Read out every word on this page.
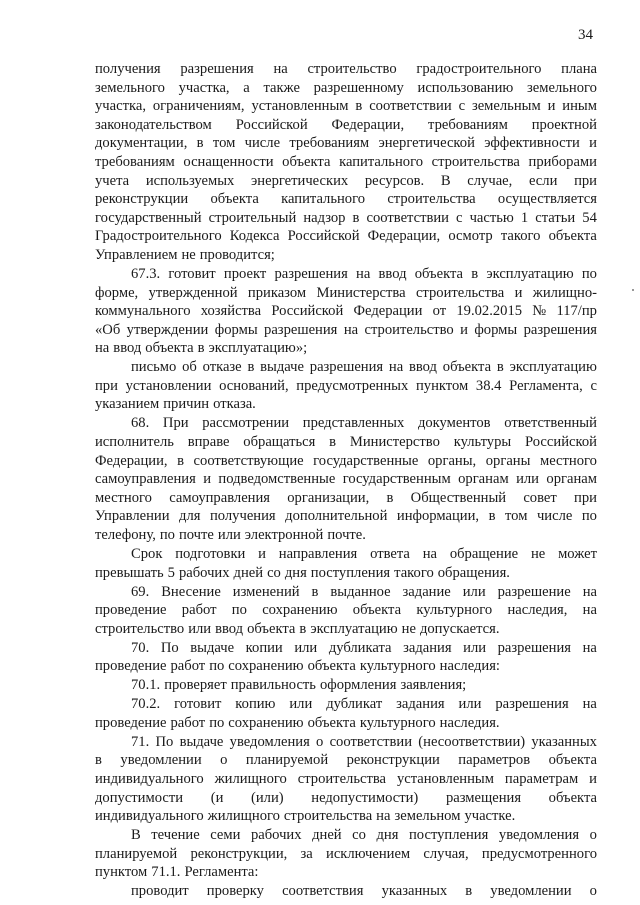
34
получения разрешения на строительство градостроительного плана
земельного участка, а также разрешенному использованию земельного
участка, ограничениям, установленным в соответствии с земельным и иным
законодательством Российской Федерации, требованиям проектной
документации, в том числе требованиям энергетической эффективности и
требованиям оснащенности объекта капитального строительства приборами
учета используемых энергетических ресурсов. В случае, если при
реконструкции объекта капитального строительства осуществляется
государственный строительный надзор в соответствии с частью 1 статьи 54
Градостроительного Кодекса Российской Федерации, осмотр такого объекта
Управлением не проводится;
67.3. готовит проект разрешения на ввод объекта в эксплуатацию по
форме, утвержденной приказом Министерства строительства и жилищно-
коммунального хозяйства Российской Федерации от 19.02.2015 № 117/пр
«Об утверждении формы разрешения на строительство и формы разрешения
на ввод объекта в эксплуатацию»;
письмо об отказе в выдаче разрешения на ввод объекта в эксплуатацию
при установлении оснований, предусмотренных пунктом 38.4 Регламента, с
указанием причин отказа.
68. При рассмотрении представленных документов ответственный
исполнитель вправе обращаться в Министерство культуры Российской
Федерации, в соответствующие государственные органы, органы местного
самоуправления и подведомственные государственным органам или органам
местного самоуправления организации, в Общественный совет при
Управлении для получения дополнительной информации, в том числе по
телефону, по почте или электронной почте.
Срок подготовки и направления ответа на обращение не может
превышать 5 рабочих дней со дня поступления такого обращения.
69. Внесение изменений в выданное задание или разрешение на
проведение работ по сохранению объекта культурного наследия, на
строительство или ввод объекта в эксплуатацию не допускается.
70. По выдаче копии или дубликата задания или разрешения на
проведение работ по сохранению объекта культурного наследия:
70.1. проверяет правильность оформления заявления;
70.2. готовит копию или дубликат задания или разрешения на
проведение работ по сохранению объекта культурного наследия.
71. По выдаче уведомления о соответствии (несоответствии) указанных
в уведомлении о планируемой реконструкции параметров объекта
индивидуального жилищного строительства установленным параметрам и
допустимости (и (или) недопустимости) размещения объекта
индивидуального жилищного строительства на земельном участке.
В течение семи рабочих дней со дня поступления уведомления о
планируемой реконструкции, за исключением случая, предусмотренного
пунктом 71.1. Регламента:
проводит проверку соответствия указанных в уведомлении о
